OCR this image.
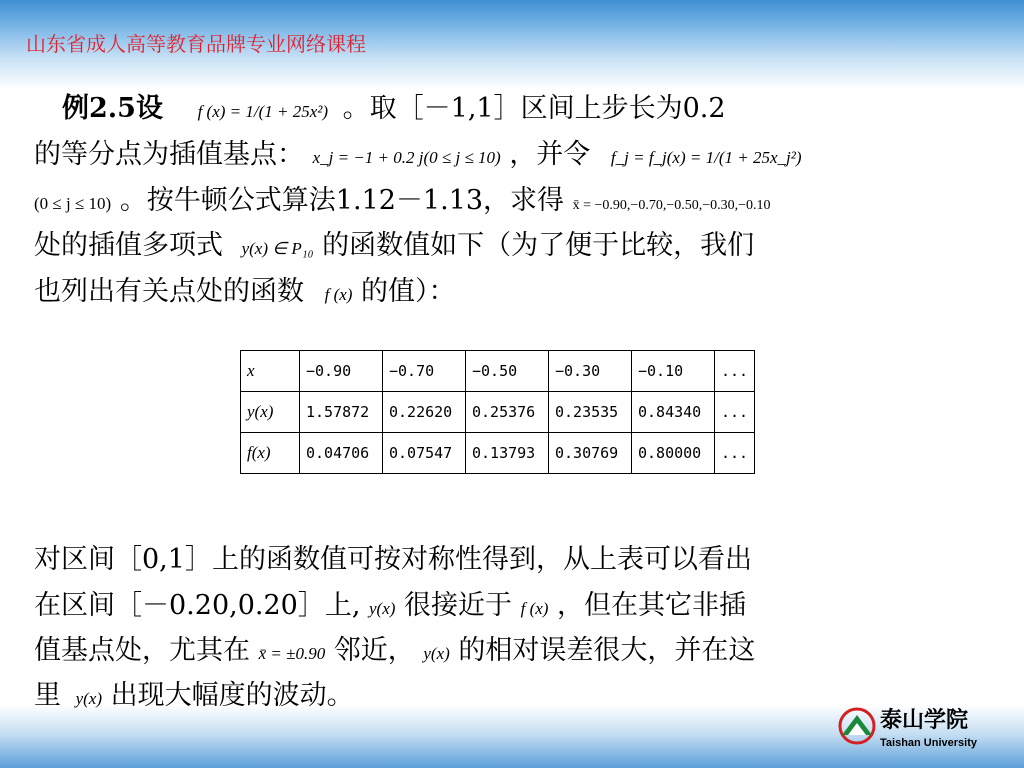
山东省成人高等教育品牌专业网络课程
例2.5设 f (x) = 1/(1 + 25x²) 。取［－1,1］区间上步长为0.2
的等分点为插值基点： x_j = −1 + 0.2 j(0 ≤ j ≤ 10) ，并令 f_j = f_j(x) = 1/(1 + 25x_j²)
(0 ≤ j ≤ 10) 。按牛顿公式算法1.12－1.13，求得 x̄ = −0.90,−0.70,−0.50,−0.30,−0.10
处的插值多项式 y(x) ∈ P₁₀ 的函数值如下（为了便于比较，我们
也列出有关点处的函数 f (x) 的值）：
x	−0.90	−0.70	−0.50	−0.30	−0.10	...
y(x)	1.57872	0.22620	0.25376	0.23535	0.84340	...
f(x)	0.04706	0.07547	0.13793	0.30769	0.80000	...
对区间［0,1］上的函数值可按对称性得到，从上表可以看出
在区间［－0.20,0.20］上, y(x) 很接近于 f (x) ，但在其它非插
值基点处，尤其在 x̄ = ±0.90 邻近， y(x) 的相对误差很大，并在这
里 y(x) 出现大幅度的波动。
泰山学院
Taishan University
